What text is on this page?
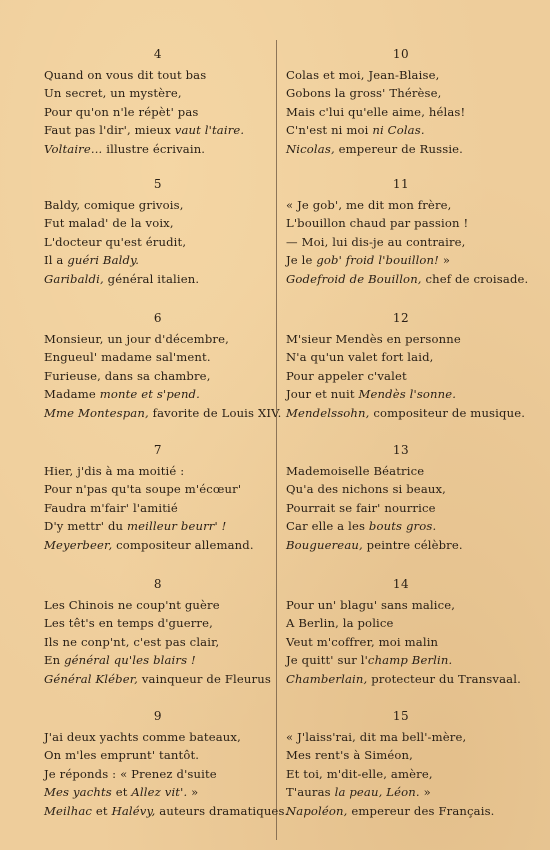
4
Quand on vous dit tout bas
Un secret, un mystère,
Pour qu'on n'le répèt' pas
Faut pas l'dir', mieux vaut l'taire.
Voltaire... illustre écrivain.
5
Baldy, comique grivois,
Fut malad' de la voix,
L'docteur qu'est érudit,
Il a guéri Baldy.
Garibaldi, général italien.
6
Monsieur, un jour d'décembre,
Engueul' madame sal'ment.
Furieuse, dans sa chambre,
Madame monte et s'pend.
Mme Montespan, favorite de Louis XIV.
7
Hier, j'dis à ma moitié :
Pour n'pas qu'ta soupe m'écœur'
Faudra m'fair' l'amitié
D'y mettr' du meilleur beurr' !
Meyerbeer, compositeur allemand.
8
Les Chinois ne coup'nt guère
Les têt's en temps d'guerre,
Ils ne conp'nt, c'est pas clair,
En général qu'les blairs !
Général Kléber, vainqueur de Fleurus
9
J'ai deux yachts comme bateaux,
On m'les emprunt' tantôt.
Je réponds : « Prenez d'suite
Mes yachts et Allez vit'. »
Meilhac et Halévy, auteurs dramatiques.
10
Colas et moi, Jean-Blaise,
Gobons la gross' Thérèse,
Mais c'lui qu'elle aime, hélas!
C'n'est ni moi ni Colas.
Nicolas, empereur de Russie.
11
« Je gob', me dit mon frère,
L'bouillon chaud par passion !
— Moi, lui dis-je au contraire,
Je le gob' froid l'bouillon! »
Godefroid de Bouillon, chef de croisade.
12
M'sieur Mendès en personne
N'a qu'un valet fort laid,
Pour appeler c'valet
Jour et nuit Mendès l'sonne.
Mendelssohn, compositeur de musique.
13
Mademoiselle Béatrice
Qu'a des nichons si beaux,
Pourrait se fair' nourrice
Car elle a les bouts gros.
Bouguereau, peintre célèbre.
14
Pour un' blagu' sans malice,
A Berlin, la police
Veut m'coffrer, moi malin
Je quitt' sur l'champ Berlin.
Chamberlain, protecteur du Transvaal.
15
« J'laiss'rai, dit ma bell'-mère,
Mes rent's à Siméon,
Et toi, m'dit-elle, amère,
T'auras la peau, Léon. »
Napoléon, empereur des Français.
